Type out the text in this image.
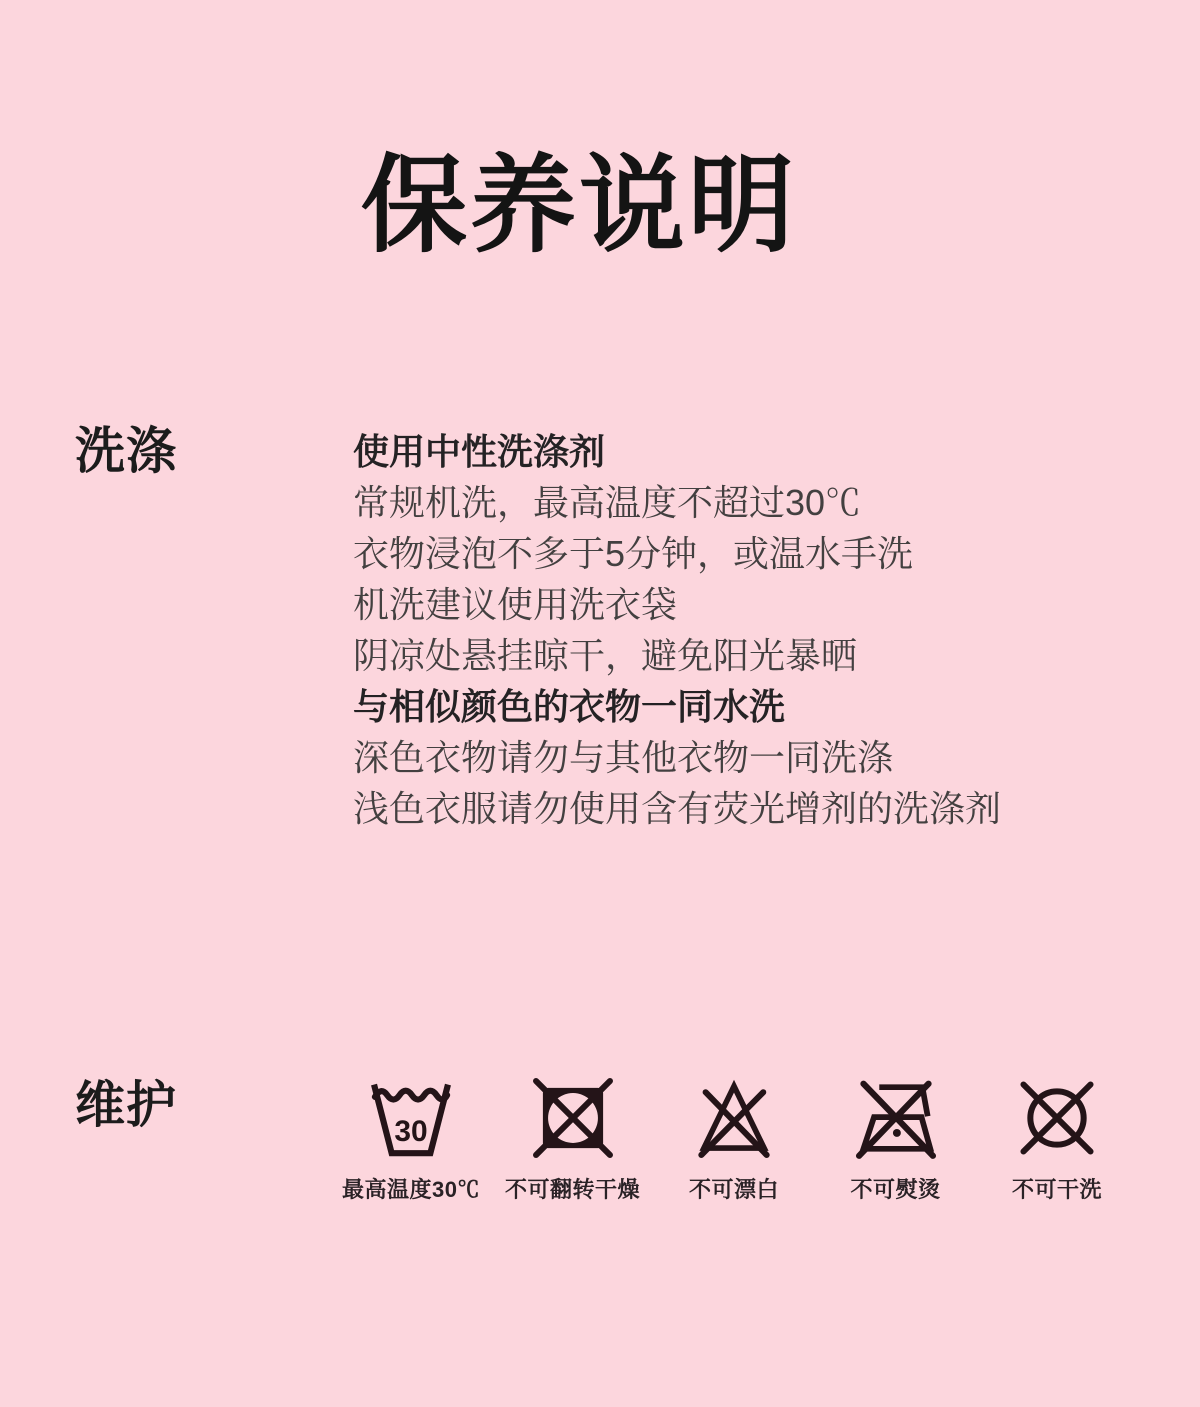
保养说明
洗涤	使用中性洗涤剂
常规机洗，最高温度不超过30℃
衣物浸泡不多于5分钟，或温水手洗
机洗建议使用洗衣袋

阴凉处悬挂晾干，避免阳光暴晒

与相似颜色的衣物一同水洗
深色衣物请勿与其他衣物一同洗涤
浅色衣服请勿使用含有荧光增剂的洗涤剂

维护	30
最高温度30℃ 不可翻转干燥 不可漂白	不可熨烫	不可干洗
